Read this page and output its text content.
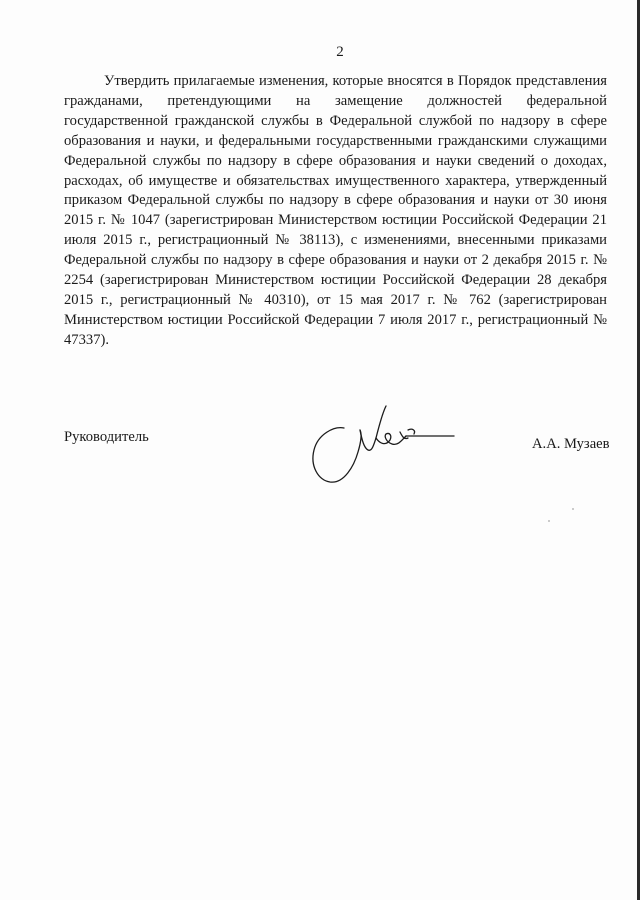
2

Утвердить прилагаемые изменения, которые вносятся в Порядок представления гражданами, претендующими на замещение должностей федеральной государственной гражданской службы в Федеральной службой по надзору в сфере образования и науки, и федеральными государственными гражданскими служащими Федеральной службы по надзору в сфере образования и науки сведений о доходах, расходах, об имуществе и обязательствах имущественного характера, утвержденный приказом Федеральной службы по надзору в сфере образования и науки от 30 июня 2015 г. № 1047 (зарегистрирован Министерством юстиции Российской Федерации 21 июля 2015 г., регистрационный № 38113), с изменениями, внесенными приказами Федеральной службы по надзору в сфере образования и науки от 2 декабря 2015 г. № 2254 (зарегистрирован Министерством юстиции Российской Федерации 28 декабря 2015 г., регистрационный № 40310), от 15 мая 2017 г. № 762 (зарегистрирован Министерством юстиции Российской Федерации 7 июля 2017 г., регистрационный № 47337).

Руководитель	А.А. Музаев
